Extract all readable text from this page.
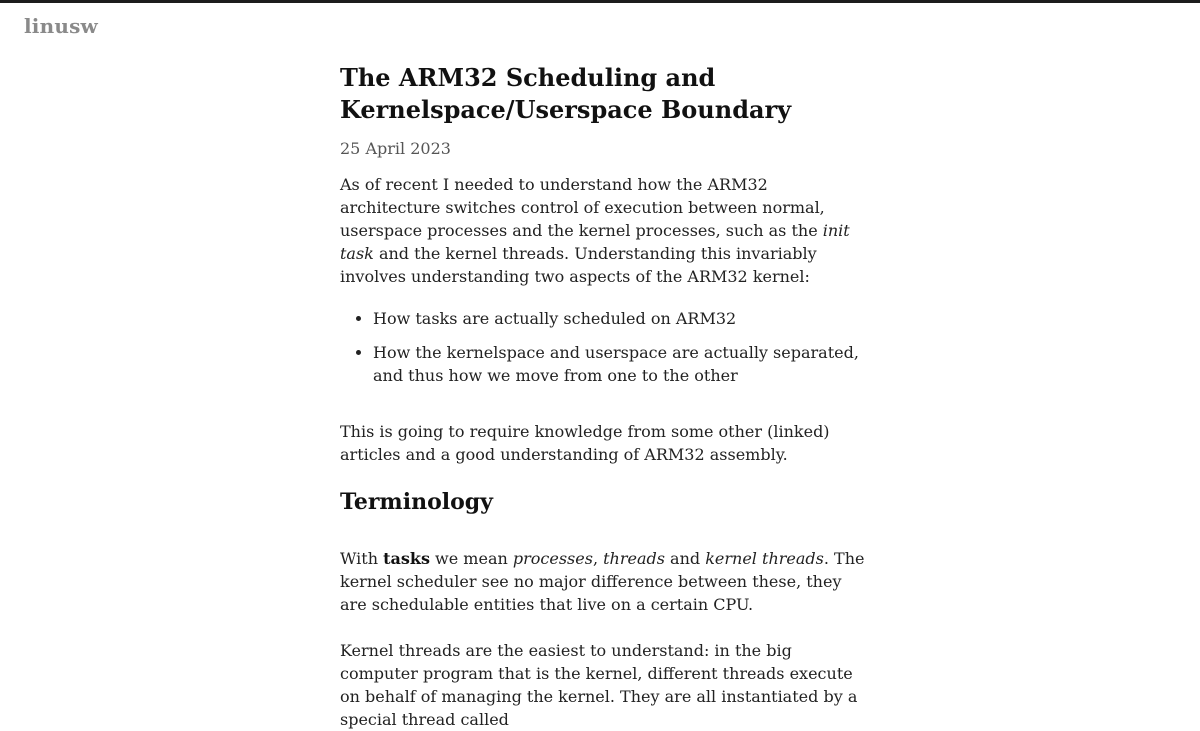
linusw
The ARM32 Scheduling and
Kernelspace/Userspace Boundary
25 April 2023

As of recent I needed to understand how the ARM32 architecture switches control of execution between normal, userspace processes and the kernel processes, such as the init task and the kernel threads. Understanding this invariably involves understanding two aspects of the ARM32 kernel:

• How tasks are actually scheduled on ARM32
• How the kernelspace and userspace are actually separated, and thus how we move from one to the other

This is going to require knowledge from some other (linked) articles and a good understanding of ARM32 assembly.

Terminology

With tasks we mean processes, threads and kernel threads. The kernel scheduler see no major difference between these, they are schedulable entities that live on a certain CPU.

Kernel threads are the easiest to understand: in the big computer program that is the kernel, different threads execute on behalf of managing the kernel. They are all instantiated by a special thread called
